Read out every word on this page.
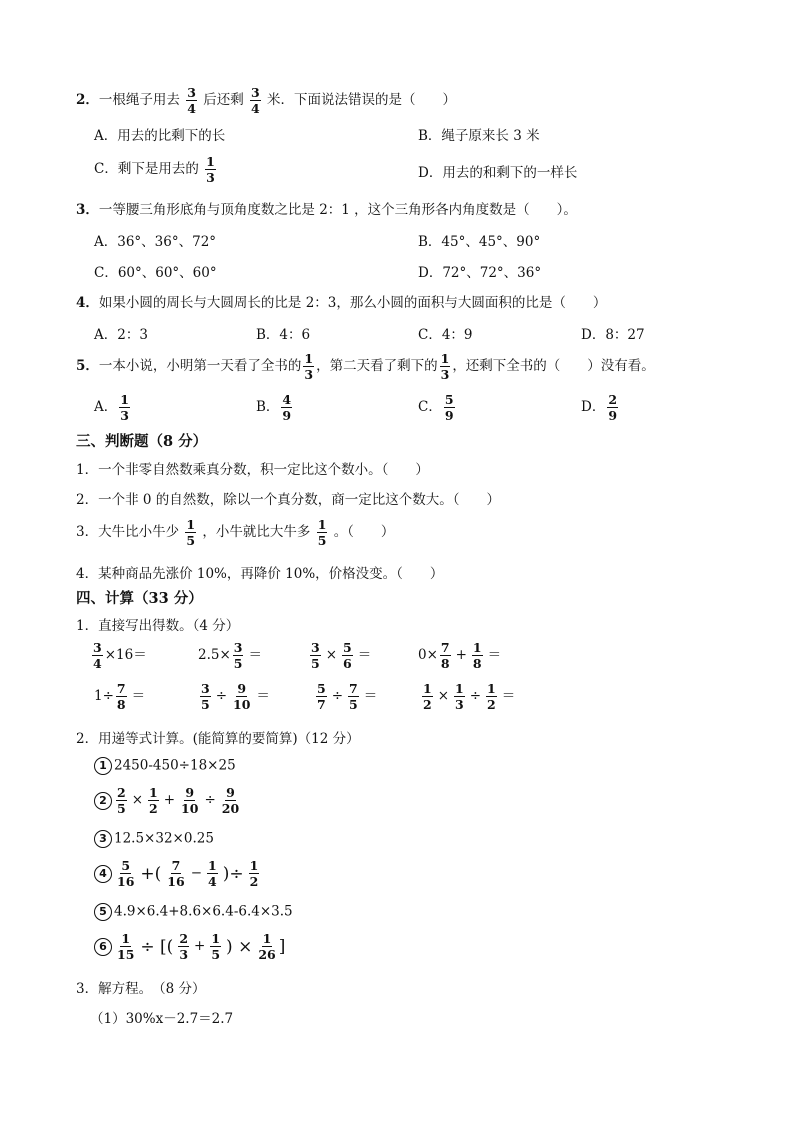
2．一根绳子用去 $\frac{3}{4}$ 后还剩 $\frac{3}{4}$ 米．下面说法错误的是（　　）
A．用去的比剩下的长	B．绳子原来长 3 米
C．剩下是用去的 $\frac{1}{3}$	D．用去的和剩下的一样长
3．一等腰三角形底角与顶角度数之比是 2：1 ，这个三角形各内角度数是（　　）。
A．36°、36°、72°	B．45°、45°、90°
C．60°、60°、60°	D．72°、72°、36°
4．如果小圆的周长与大圆周长的比是 2：3，那么小圆的面积与大圆面积的比是（　　）
A．2：3	B．4：6	C．4：9	D．8：27
5．一本小说，小明第一天看了全书的 $\frac{1}{3}$ ，第二天看了剩下的 $\frac{1}{3}$ ，还剩下全书的（　　）没有看。
A． $\frac{1}{3}$	B． $\frac{4}{9}$	C． $\frac{5}{9}$	D． $\frac{2}{9}$
三、判断题（8 分）
1．一个非零自然数乘真分数，积一定比这个数小。（　　）
2．一个非 0 的自然数，除以一个真分数，商一定比这个数大。（　　）
3．大牛比小牛少 $\frac{1}{5}$ ，小牛就比大牛多 $\frac{1}{5}$ 。（　　）
4．某种商品先涨价 10%，再降价 10%，价格没变。（　　）
四、计算（33 分）
1．直接写出得数。（4 分）
$\frac{3}{4} \times 16=$	$2.5\times \frac{3}{5}$ ＝	$\frac{3}{5} \times \frac{5}{6}$ ＝	$0\times \frac{7}{8} + \frac{1}{8}$ ＝
$1\div \frac{7}{8}$ ＝	$\frac{3}{5} \div \frac{9}{10}$ ＝	$\frac{5}{7} \div \frac{7}{5}$ ＝	$\frac{1}{2} \times \frac{1}{3} \div \frac{1}{2}$ ＝
2．用递等式计算。(能简算的要简算)（12 分）
1 2450-450÷18×25
$2 \frac{2}{5} \times \frac{1}{2} + \frac{9}{10} \div \frac{9}{20}$
3 12.5×32×0.25
$4 \frac{5}{16}$ +( $\frac{7}{16} - \frac{1}{4}$ )÷ $\frac{1}{2}$
5 4.9×6.4+8.6×6.4-6.4×3.5
$6 \frac{1}{15}$ ÷ [( $\frac{2}{3} + \frac{1}{5}$ ) × $\frac{1}{26}$ ]
3．解方程。　（8 分）
（1）30%x－2.7＝2.7
